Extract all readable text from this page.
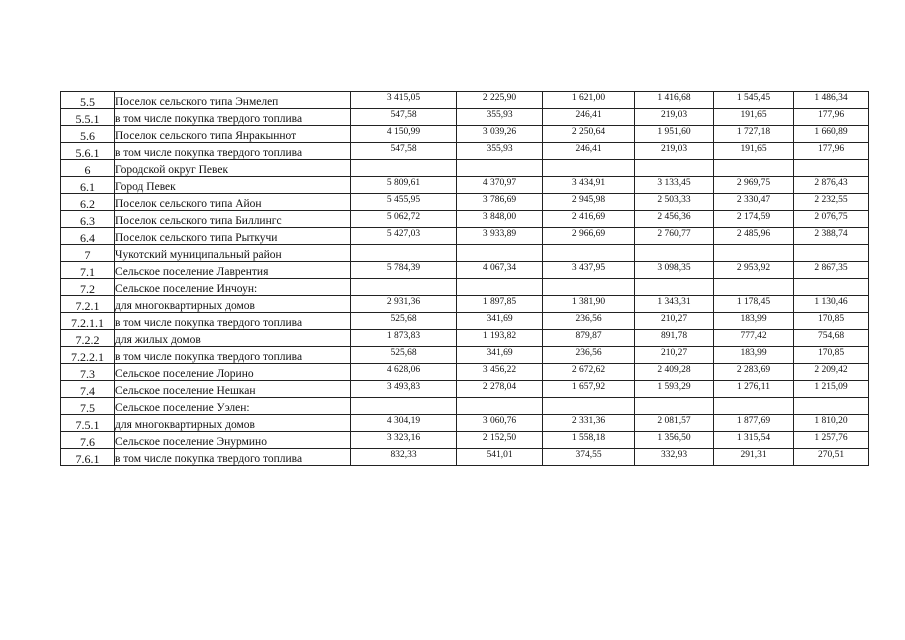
5.5	Поселок сельского типа Энмелеп	3 415,05	2 225,90	1 621,00	1 416,68	1 545,45	1 486,34
5.5.1	в том числе покупка твердого топлива	547,58	355,93	246,41	219,03	191,65	177,96
5.6	Поселок сельского типа Янракыннот	4 150,99	3 039,26	2 250,64	1 951,60	1 727,18	1 660,89
5.6.1	в том числе покупка твердого топлива	547,58	355,93	246,41	219,03	191,65	177,96
6	Городской округ Певек						
6.1	Город Певек	5 809,61	4 370,97	3 434,91	3 133,45	2 969,75	2 876,43
6.2	Поселок сельского типа Айон	5 455,95	3 786,69	2 945,98	2 503,33	2 330,47	2 232,55
6.3	Поселок сельского типа Биллингс	5 062,72	3 848,00	2 416,69	2 456,36	2 174,59	2 076,75
6.4	Поселок сельского типа Рыткучи	5 427,03	3 933,89	2 966,69	2 760,77	2 485,96	2 388,74
7	Чукотский муниципальный район						
7.1	Сельское поселение Лаврентия	5 784,39	4 067,34	3 437,95	3 098,35	2 953,92	2 867,35
7.2	Сельское поселение Инчоун:						
7.2.1	для многоквартирных домов	2 931,36	1 897,85	1 381,90	1 343,31	1 178,45	1 130,46
7.2.1.1	в том числе покупка твердого топлива	525,68	341,69	236,56	210,27	183,99	170,85
7.2.2	для жилых домов	1 873,83	1 193,82	879,87	891,78	777,42	754,68
7.2.2.1	в том числе покупка твердого топлива	525,68	341,69	236,56	210,27	183,99	170,85
7.3	Сельское поселение Лорино	4 628,06	3 456,22	2 672,62	2 409,28	2 283,69	2 209,42
7.4	Сельское поселение Нешкан	3 493,83	2 278,04	1 657,92	1 593,29	1 276,11	1 215,09
7.5	Сельское поселение Уэлен:						
7.5.1	для многоквартирных домов	4 304,19	3 060,76	2 331,36	2 081,57	1 877,69	1 810,20
7.6	Сельское поселение Энурмино	3 323,16	2 152,50	1 558,18	1 356,50	1 315,54	1 257,76
7.6.1	в том числе покупка твердого топлива	832,33	541,01	374,55	332,93	291,31	270,51
